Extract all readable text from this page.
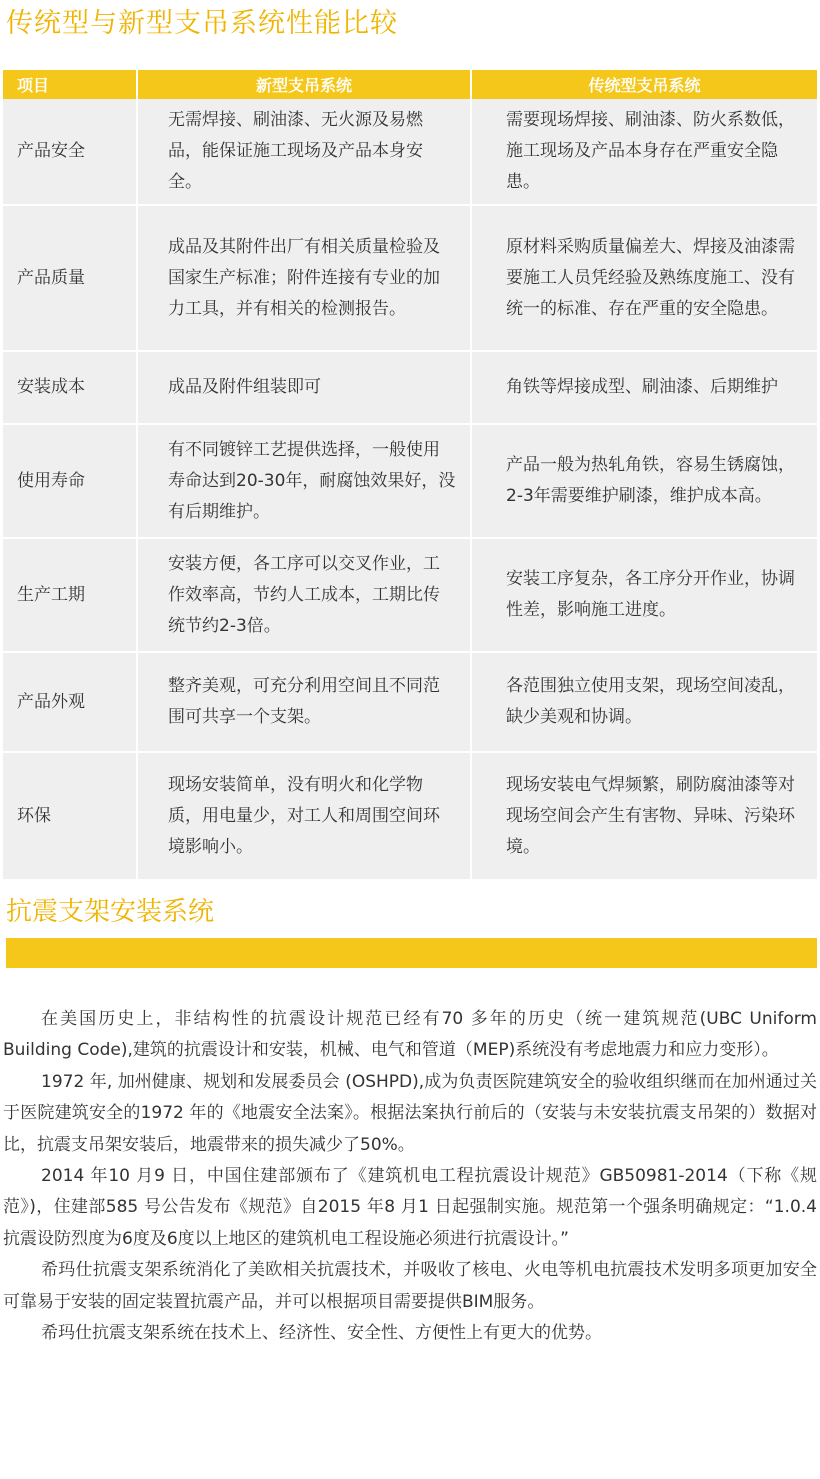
传统型与新型支吊系统性能比较
项目	新型支吊系统	传统型支吊系统
产品安全	无需焊接、刷油漆、无火源及易燃品，能保证施工现场及产品本身安全。	需要现场焊接、刷油漆、防火系数低，施工现场及产品本身存在严重安全隐患。
产品质量	成品及其附件出厂有相关质量检验及国家生产标准；附件连接有专业的加力工具，并有相关的检测报告。	原材料采购质量偏差大、焊接及油漆需要施工人员凭经验及熟练度施工、没有统一的标准、存在严重的安全隐患。
安装成本	成品及附件组装即可	角铁等焊接成型、刷油漆、后期维护
使用寿命	有不同镀锌工艺提供选择，一般使用寿命达到20-30年，耐腐蚀效果好，没有后期维护。	产品一般为热轧角铁，容易生锈腐蚀，2-3年需要维护刷漆，维护成本高。
生产工期	安装方便，各工序可以交叉作业，工作效率高，节约人工成本，工期比传统节约2-3倍。	安装工序复杂，各工序分开作业，协调性差，影响施工进度。
产品外观	整齐美观，可充分利用空间且不同范围可共享一个支架。	各范围独立使用支架，现场空间凌乱，缺少美观和协调。
环保	现场安装简单，没有明火和化学物质，用电量少，对工人和周围空间环境影响小。	现场安装电气焊频繁，刷防腐油漆等对现场空间会产生有害物、异味、污染环境。
抗震支架安装系统

在美国历史上，非结构性的抗震设计规范已经有70 多年的历史（统一建筑规范(UBC Uniform Building Code),建筑的抗震设计和安装，机械、电气和管道（MEP)系统没有考虑地震力和应力变形）。

1972 年, 加州健康、规划和发展委员会 (OSHPD),成为负责医院建筑安全的验收组织继而在加州通过关于医院建筑安全的1972 年的《地震安全法案》。根据法案执行前后的（安装与未安装抗震支吊架的）数据对比，抗震支吊架安装后，地震带来的损失减少了50%。

2014 年10 月9 日，中国住建部颁布了《建筑机电工程抗震设计规范》GB50981-2014（下称《规范》)，住建部585 号公告发布《规范》自2015 年8 月1 日起强制实施。规范第一个强条明确规定：“1.0.4 抗震设防烈度为6度及6度以上地区的建筑机电工程设施必须进行抗震设计。”

希玛仕抗震支架系统消化了美欧相关抗震技术，并吸收了核电、火电等机电抗震技术发明多项更加安全可靠易于安装的固定装置抗震产品，并可以根据项目需要提供BIM服务。

希玛仕抗震支架系统在技术上、经济性、安全性、方便性上有更大的优势。
